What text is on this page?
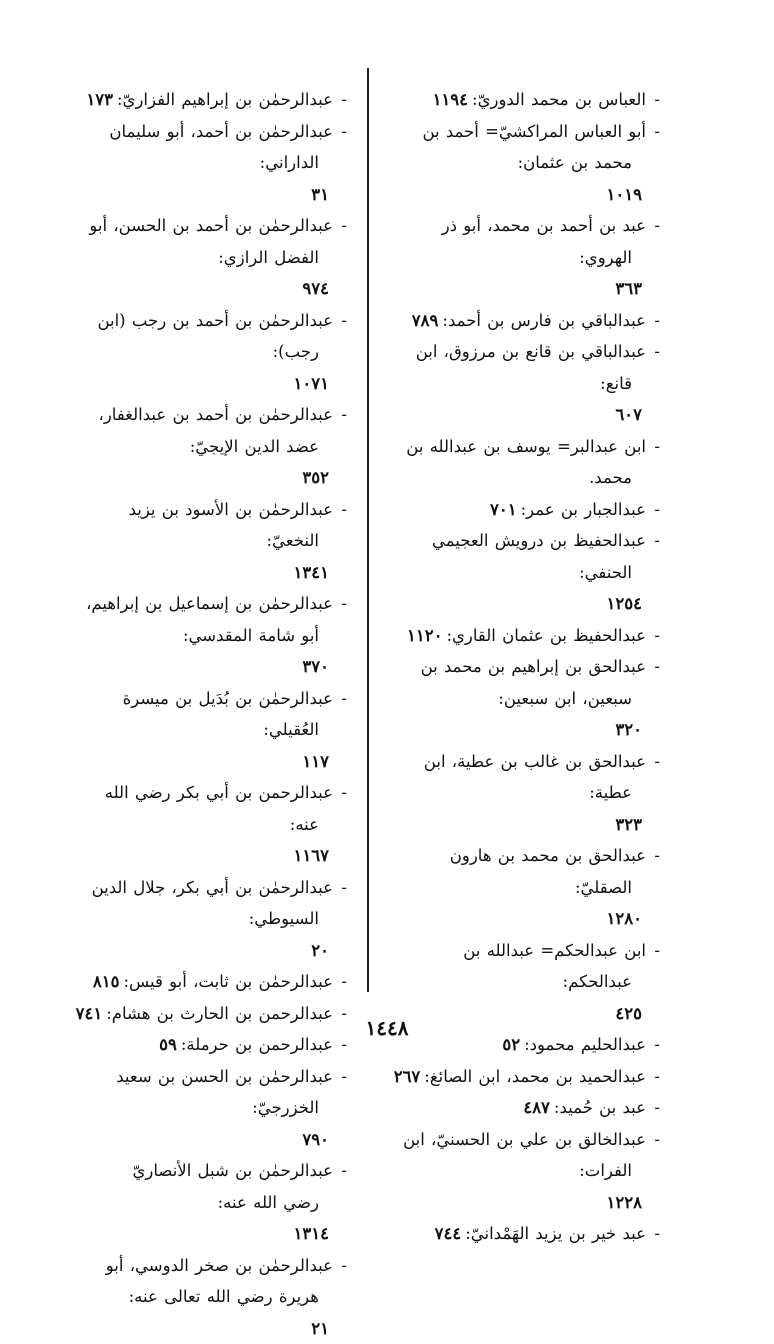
-
العباس بن محمد الدوريّ:١١٩٤
-
أبو العباس المراكشيّ= أحمد بن
محمد بن عثمان:
١٠١٩
-
عبد بن أحمد بن محمد، أبو ذر
الهروي:
٣٦٣
-
عبدالباقي بن فارس بن أحمد:٧٨٩
-
عبدالباقي بن قانع بن مرزوق، ابن
قانع:
٦٠٧
-
ابن عبدالبر= يوسف بن عبدالله بن
محمد.
-
عبدالجبار بن عمر:٧٠١
-
عبدالحفيظ بن درويش العجيمي
الحنفي:
١٢٥٤
-
عبدالحفيظ بن عثمان القاري:١١٢٠
-
عبدالحق بن إبراهيم بن محمد بن
سبعين، ابن سبعين:
٣٢٠
-
عبدالحق بن غالب بن عطية، ابن
عطية:
٣٢٣
-
عبدالحق بن محمد بن هارون
الصقليّ:
١٢٨٠
-
ابن عبدالحكم= عبدالله بن
عبدالحكم:
٤٢٥
-
عبدالحليم محمود:٥٢
-
عبدالحميد بن محمد، ابن الصائغ:٢٦٧
-
عبد بن حُميد:٤٨٧
-
عبدالخالق بن علي بن الحسنيّ، ابن
الفرات:
١٢٢٨
-
عبد خير بن يزيد الهَمْدانيّ:٧٤٤
-
عبدالرحمٰن بن إبراهيم الفزاريّ:١٧٣
-
عبدالرحمٰن بن أحمد، أبو سليمان
الداراني:
٣١
-
عبدالرحمٰن بن أحمد بن الحسن، أبو
الفضل الرازي:
٩٧٤
-
عبدالرحمٰن بن أحمد بن رجب (ابن
رجب):
١٠٧١
-
عبدالرحمٰن بن أحمد بن عبدالغفار،
عضد الدين الإيجيّ:
٣٥٢
-
عبدالرحمٰن بن الأسود بن يزيد
النخعيّ:
١٣٤١
-
عبدالرحمٰن بن إسماعيل بن إبراهيم،
أبو شامة المقدسي:
٣٧٠
-
عبدالرحمٰن بن بُدَيل بن ميسرة
العُقيلي:
١١٧
-
عبدالرحمن بن أبي بكر رضي الله
عنه:
١١٦٧
-
عبدالرحمٰن بن أبي بكر، جلال الدين
السيوطي:
٢٠
-
عبدالرحمٰن بن ثابت، أبو قيس:٨١٥
-
عبدالرحمن بن الحارث بن هشام:٧٤١
-
عبدالرحمن بن حرملة:٥٩
-
عبدالرحمٰن بن الحسن بن سعيد
الخزرجيّ:
٧٩٠
-
عبدالرحمٰن بن شبل الأنصاريّ
رضي الله عنه:
١٣١٤
-
عبدالرحمٰن بن صخر الدوسي، أبو
هريرة رضي الله تعالى عنه:
٢١
١٤٤٨
